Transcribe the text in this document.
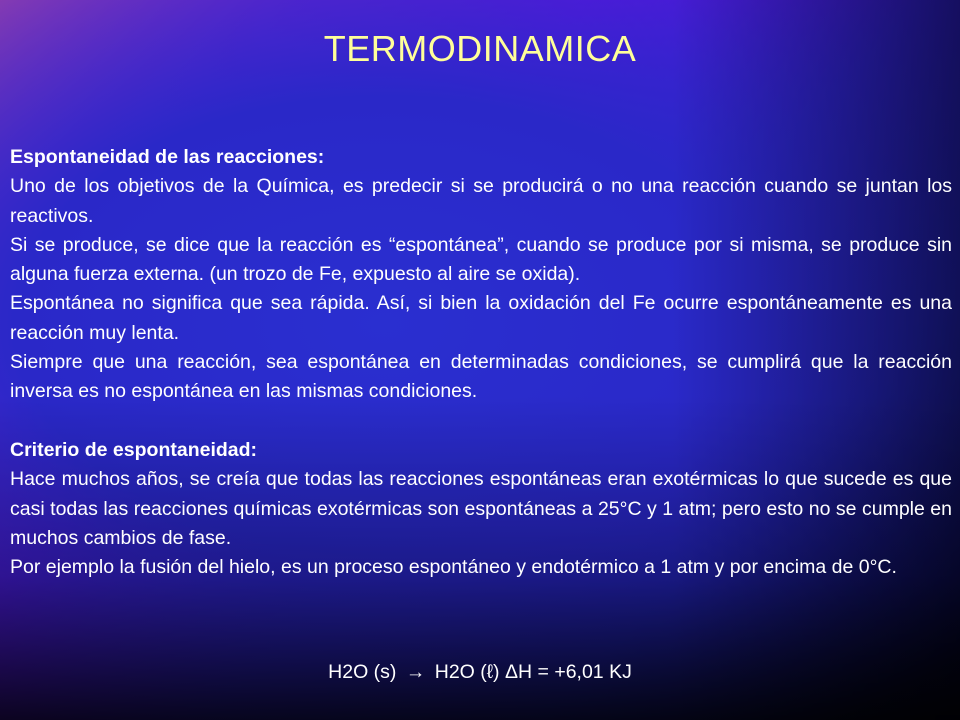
TERMODINAMICA

Espontaneidad de las reacciones:

Uno de los objetivos de la Química, es predecir si se producirá o no una reacción cuando se juntan los reactivos.

Si se produce, se dice que la reacción es “espontánea”, cuando se produce por si misma, se produce sin alguna fuerza externa. (un trozo de Fe, expuesto al aire se oxida).

Espontánea no significa que sea rápida. Así, si bien la oxidación del Fe ocurre espontáneamente es una reacción muy lenta.

Siempre que una reacción, sea espontánea en determinadas condiciones, se cumplirá que la reacción inversa es no espontánea en las mismas condiciones.

Criterio de espontaneidad:

Hace muchos años, se creía que todas las reacciones espontáneas eran exotérmicas lo que sucede es que casi todas las reacciones químicas exotérmicas son espontáneas a 25°C y 1 atm; pero esto no se cumple en muchos cambios de fase.

Por ejemplo la fusión del hielo, es un proceso espontáneo y endotérmico a 1 atm y por encima de 0°C.

H2O (s) → H2O (ℓ) ΔH = +6,01 KJ
